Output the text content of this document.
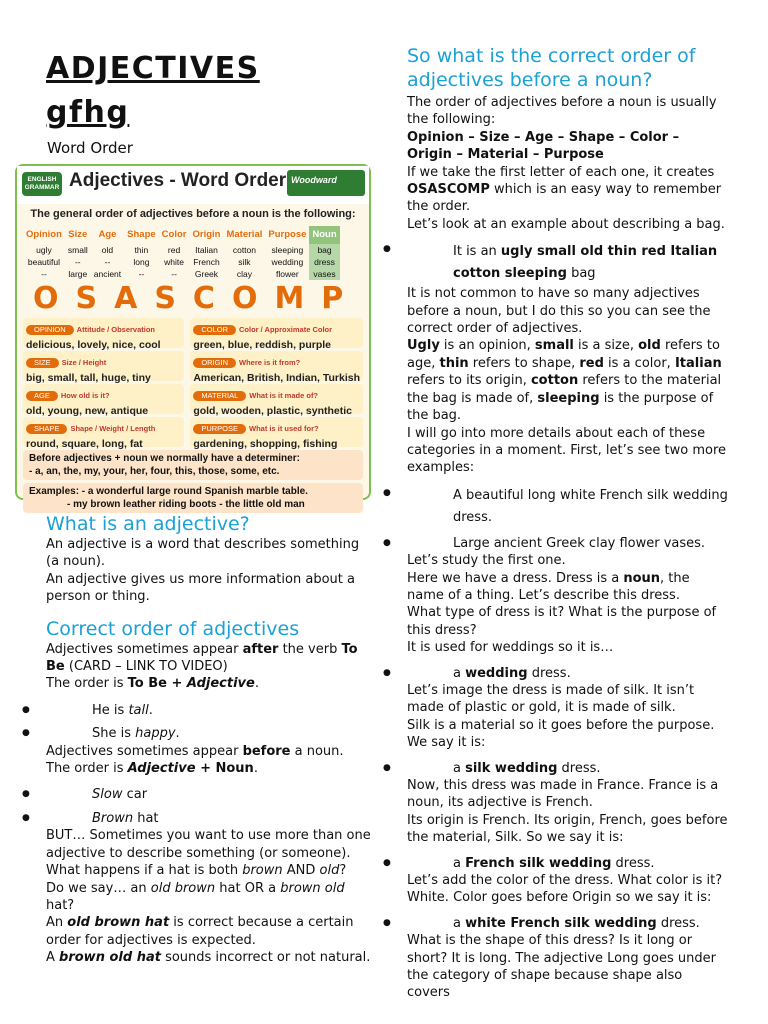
ADJECTIVES
gfhg
Word Order
ENGLISH GRAMMAR Adjectives - Word Order Woodward
The general order of adjectives before a noun is the following:
Opinion	Size	Age	Shape	Color	Origin	Material	Purpose	Noun
ugly	small	old	thin	red	Italian	cotton	sleeping	bag
beautiful	--	--	long	white	French	silk	wedding	dress
--	large	ancient	--	--	Greek	clay	flower	vases
OSASCOMP
OPINION Attitude / Observation
delicious, lovely, nice, cool
COLOR Color / Approximate Color
green, blue, reddish, purple
SIZE Size / Height
big, small, tall, huge, tiny
ORIGIN Where is it from?
American, British, Indian, Turkish
AGE How old is it?
old, young, new, antique
MATERIAL What is it made of?
gold, wooden, plastic, synthetic
SHAPE Shape / Weight / Length
round, square, long, fat
PURPOSE What is it used for?
gardening, shopping, fishing
Before adjectives + noun we normally have a determiner:
- a, an, the, my, your, her, four, this, those, some, etc.
Examples: - a wonderful large round Spanish marble table.
- my brown leather riding boots - the little old man
What is an adjective?

An adjective is a word that describes something (a noun).

An adjective gives us more information about a person or thing.

Correct order of adjectives

Adjectives sometimes appear after the verb To Be (CARD – LINK TO VIDEO)

The order is To Be + Adjective.

●	He is tall.
●	She is happy.

Adjectives sometimes appear before a noun.

The order is Adjective + Noun.

●	Slow car
●	Brown hat

BUT… Sometimes you want to use more than one adjective to describe something (or someone).

What happens if a hat is both brown AND old?

Do we say… an old brown hat OR a brown old hat?

An old brown hat is correct because a certain order for adjectives is expected.

A brown old hat sounds incorrect or not natural.

So what is the correct order of adjectives before a noun?

The order of adjectives before a noun is usually the following:

Opinion – Size – Age – Shape – Color – Origin – Material – Purpose

If we take the first letter of each one, it creates OSASCOMP which is an easy way to remember the order.

Let’s look at an example about describing a bag.

●	It is an ugly small old thin red Italian cotton sleeping bag

It is not common to have so many adjectives before a noun, but I do this so you can see the correct order of adjectives.

Ugly is an opinion, small is a size, old refers to age, thin refers to shape, red is a color, Italian refers to its origin, cotton refers to the material the bag is made of, sleeping is the purpose of the bag.

I will go into more details about each of these categories in a moment. First, let’s see two more examples:

●	A beautiful long white French silk wedding dress.
●	Large ancient Greek clay flower vases.

Let’s study the first one.

Here we have a dress. Dress is a noun, the name of a thing. Let’s describe this dress.

What type of dress is it? What is the purpose of this dress?

It is used for weddings so it is…

●	a wedding dress.

Let’s image the dress is made of silk. It isn’t made of plastic or gold, it is made of silk.

Silk is a material so it goes before the purpose. We say it is:

●	a silk wedding dress.

Now, this dress was made in France. France is a noun, its adjective is French.

Its origin is French. Its origin, French, goes before the material, Silk. So we say it is:

●	a French silk wedding dress.

Let’s add the color of the dress. What color is it? White. Color goes before Origin so we say it is:

●	a white French silk wedding dress.

What is the shape of this dress? Is it long or short? It is long. The adjective Long goes under the category of shape because shape also covers
